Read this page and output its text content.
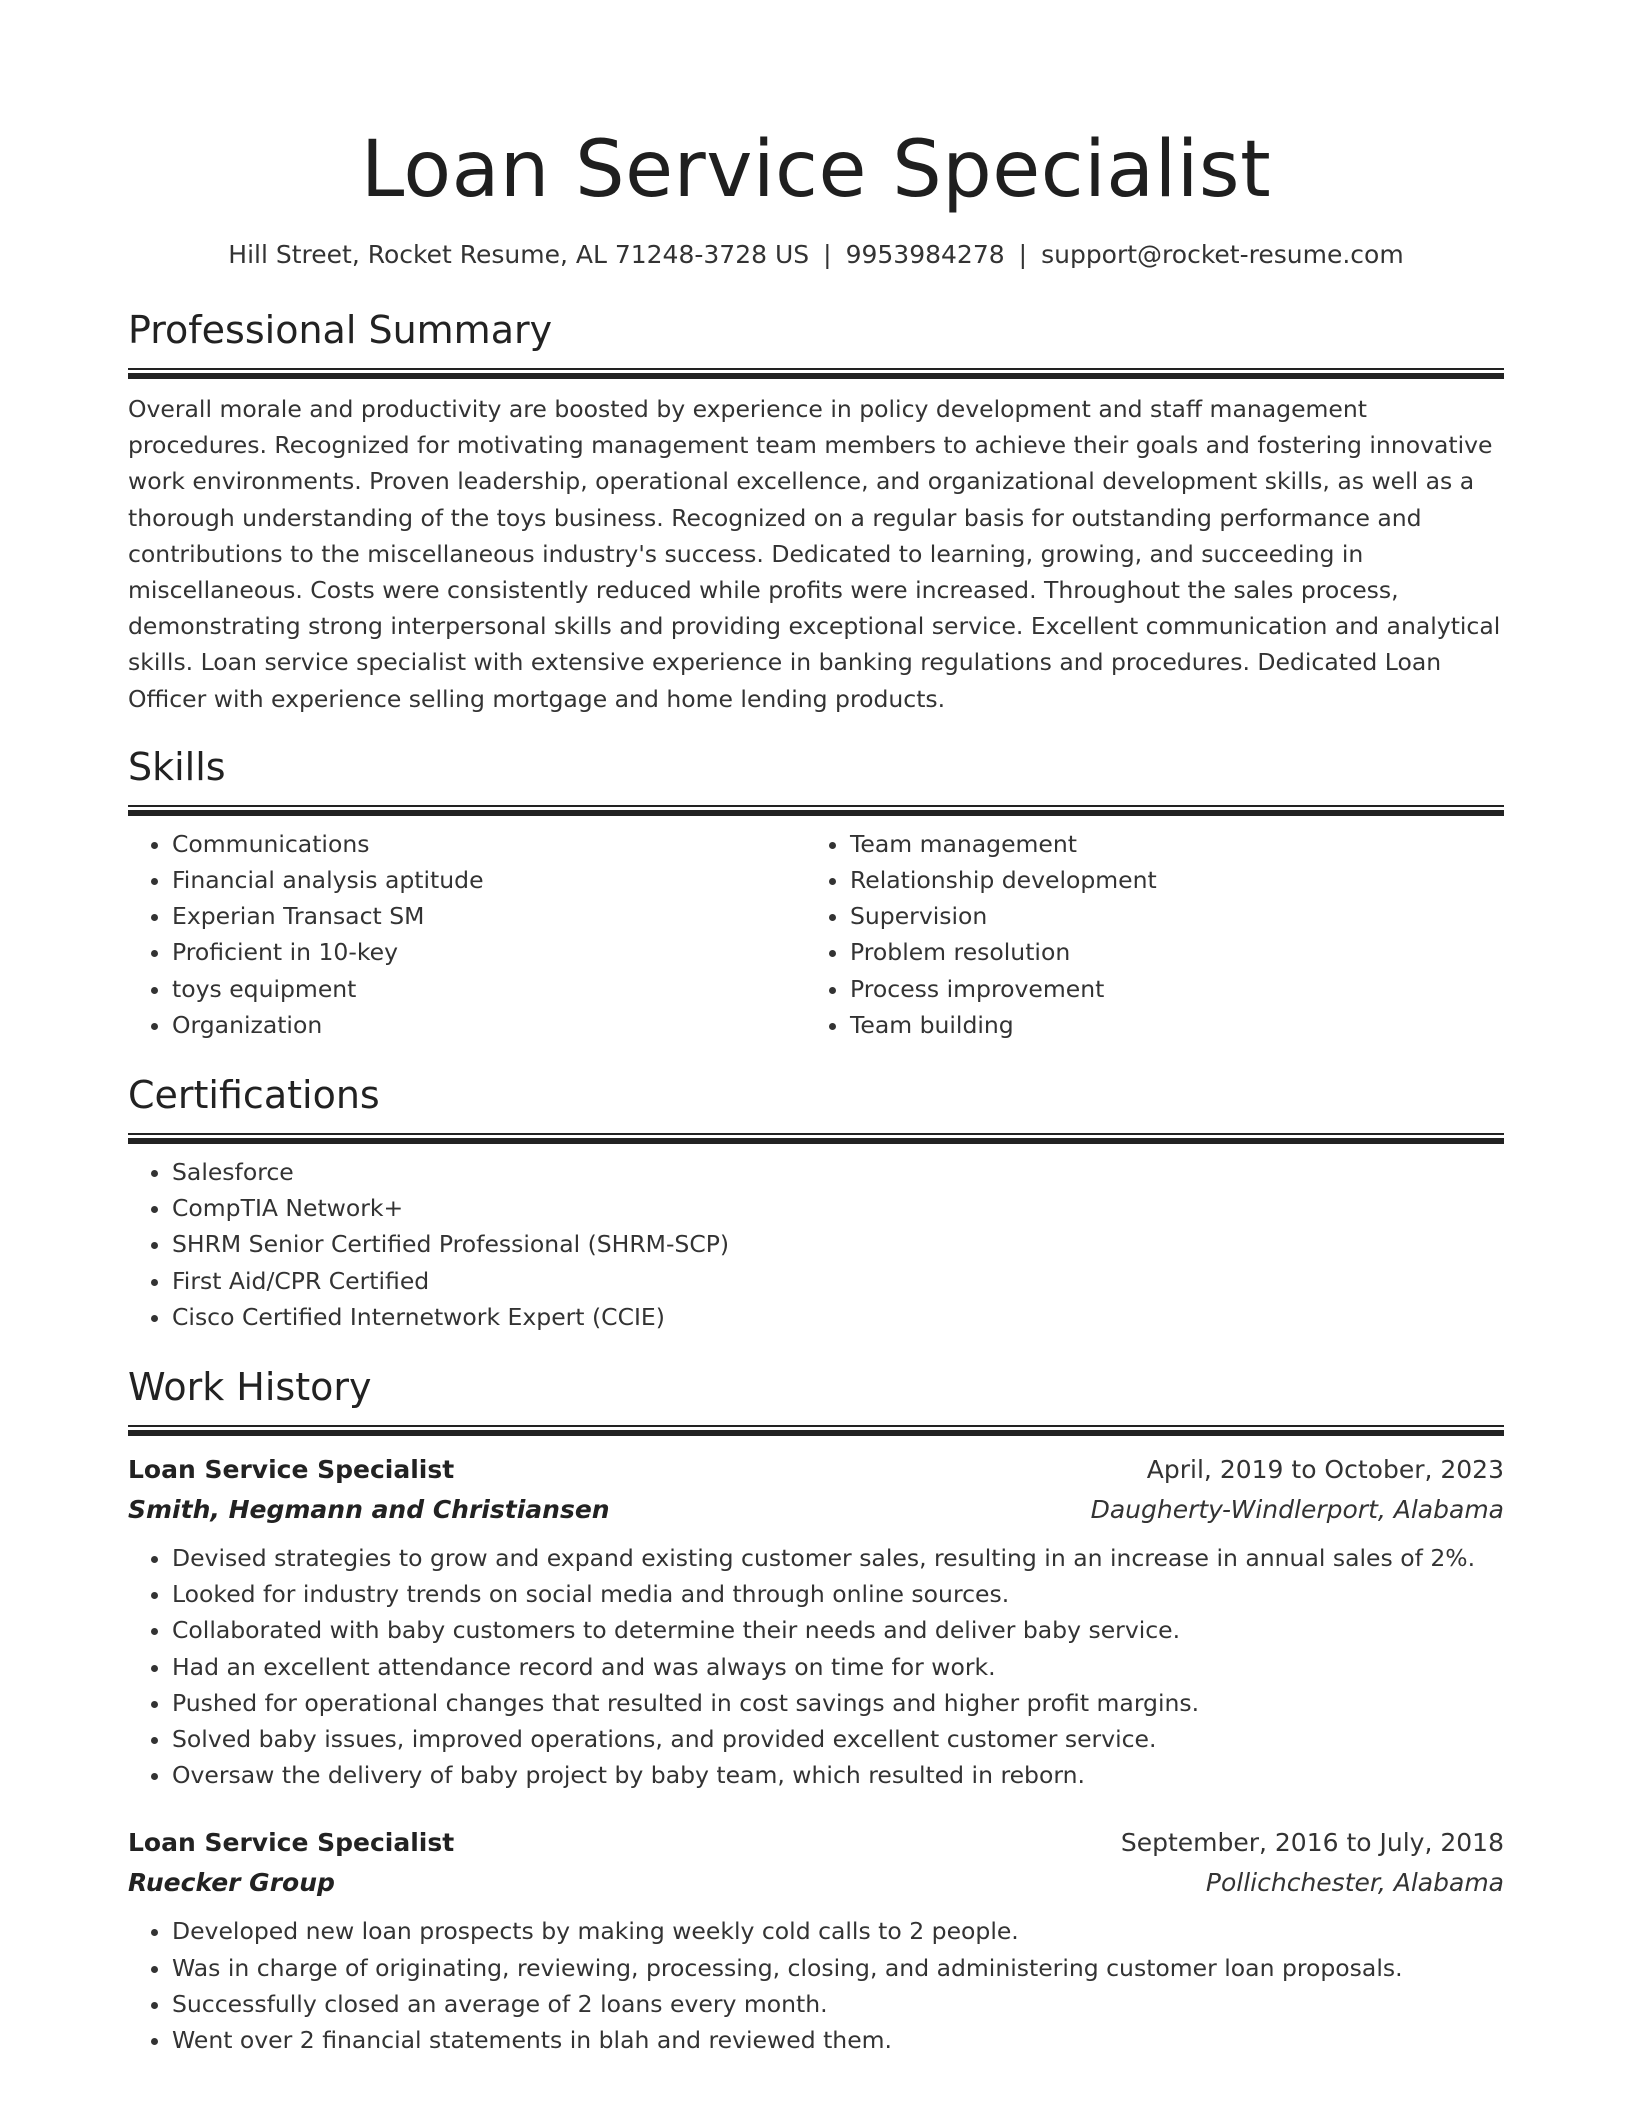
Loan Service Specialist
Hill Street, Rocket Resume, AL 71248-3728 US | 9953984278 | support@rocket-resume.com
Professional Summary

Overall morale and productivity are boosted by experience in policy development and staff management procedures. Recognized for motivating management team members to achieve their goals and fostering innovative work environments. Proven leadership, operational excellence, and organizational development skills, as well as a thorough understanding of the toys business. Recognized on a regular basis for outstanding performance and contributions to the miscellaneous industry's success. Dedicated to learning, growing, and succeeding in miscellaneous. Costs were consistently reduced while profits were increased. Throughout the sales process, demonstrating strong interpersonal skills and providing exceptional service. Excellent communication and analytical skills. Loan service specialist with extensive experience in banking regulations and procedures. Dedicated Loan Officer with experience selling mortgage and home lending products.

Skills
• Communications
• Financial analysis aptitude
• Experian Transact SM
• Proficient in 10-key
• toys equipment
• Organization
• Team management
• Relationship development
• Supervision
• Problem resolution
• Process improvement
• Team building
Certifications
• Salesforce
• CompTIA Network+
• SHRM Senior Certified Professional (SHRM-SCP)
• First Aid/CPR Certified
• Cisco Certified Internetwork Expert (CCIE)
Work History
Loan Service Specialist	April, 2019 to October, 2023
Smith, Hegmann and Christiansen	Daugherty-Windlerport, Alabama
• Devised strategies to grow and expand existing customer sales, resulting in an increase in annual sales of 2%.
• Looked for industry trends on social media and through online sources.
• Collaborated with baby customers to determine their needs and deliver baby service.
• Had an excellent attendance record and was always on time for work.
• Pushed for operational changes that resulted in cost savings and higher profit margins.
• Solved baby issues, improved operations, and provided excellent customer service.
• Oversaw the delivery of baby project by baby team, which resulted in reborn.
Loan Service Specialist	September, 2016 to July, 2018
Ruecker Group	Pollichchester, Alabama
• Developed new loan prospects by making weekly cold calls to 2 people.
• Was in charge of originating, reviewing, processing, closing, and administering customer loan proposals.
• Successfully closed an average of 2 loans every month.
• Went over 2 financial statements in blah and reviewed them.
